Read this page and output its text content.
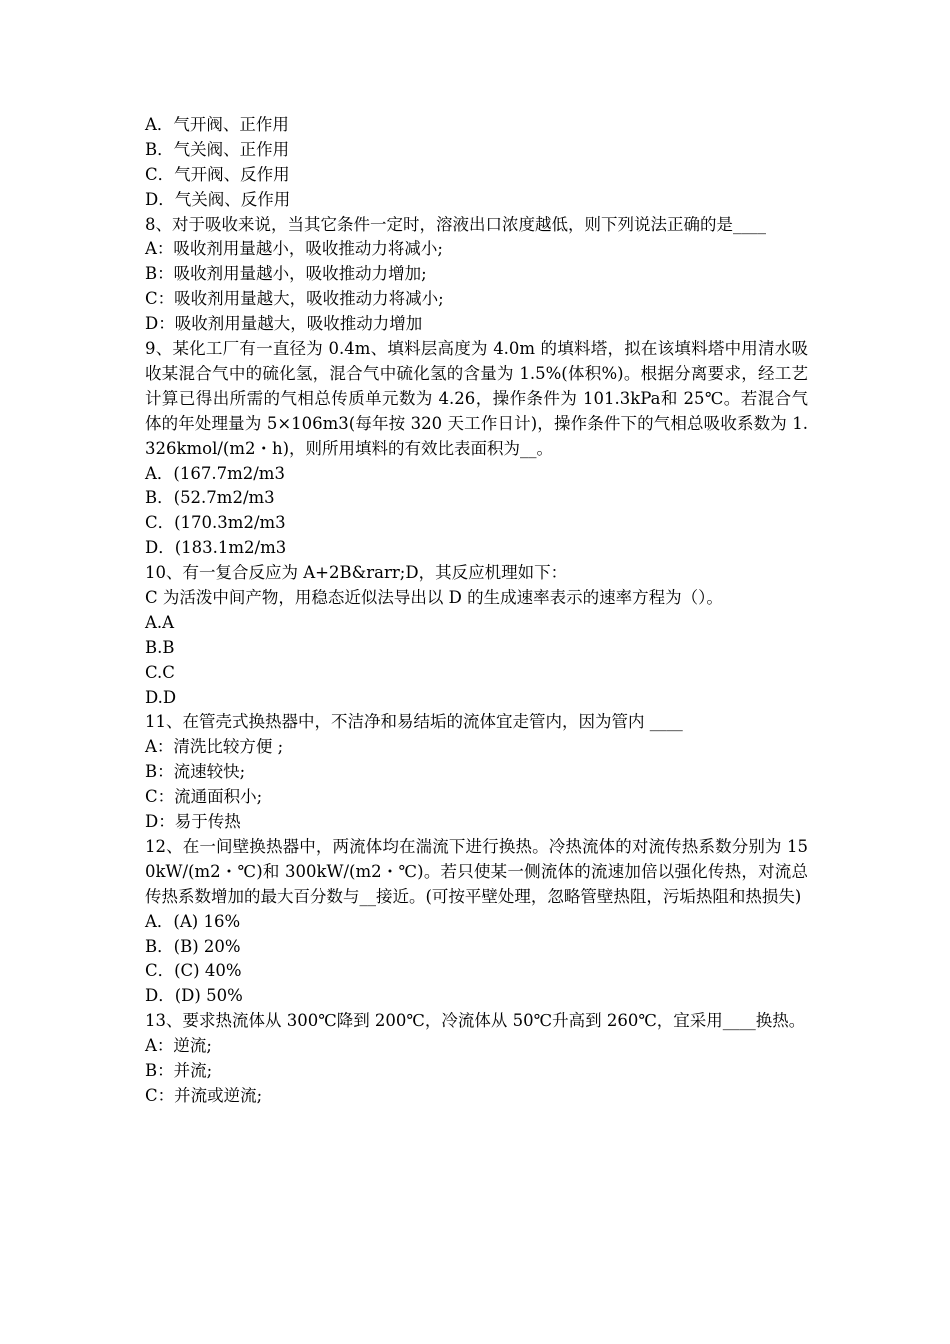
A．气开阀、正作用
B．气关阀、正作用
C．气开阀、反作用
D．气关阀、反作用
8、对于吸收来说，当其它条件一定时，溶液出口浓度越低，则下列说法正确的是____
A：吸收剂用量越小，吸收推动力将减小;
B：吸收剂用量越小，吸收推动力增加;
C：吸收剂用量越大，吸收推动力将减小;
D：吸收剂用量越大，吸收推动力增加
9、某化工厂有一直径为 0.4m、填料层高度为 4.0m 的填料塔，拟在该填料塔中用清水吸收某混合气中的硫化氢，混合气中硫化氢的含量为 1.5%(体积%)。根据分离要求，经工艺计算已得出所需的气相总传质单元数为 4.26，操作条件为 101.3kPa和 25℃。若混合气体的年处理量为 5×106m3(每年按 320 天工作日计)，操作条件下的气相总吸收系数为 1.326kmol/(m2・h)，则所用填料的有效比表面积为__。
A．(167.7m2/m3
B．(52.7m2/m3
C．(170.3m2/m3
D．(183.1m2/m3
10、有一复合反应为 A+2B&rarr;D，其反应机理如下：
C 为活泼中间产物，用稳态近似法导出以 D 的生成速率表示的速率方程为（）。
A.A
B.B
C.C
D.D
11、在管壳式换热器中，不洁净和易结垢的流体宜走管内，因为管内 ____
A：清洗比较方便 ;
B：流速较快;
C：流通面积小;
D：易于传热
12、在一间壁换热器中，两流体均在湍流下进行换热。冷热流体的对流传热系数分别为 150kW/(m2・℃)和 300kW/(m2・℃)。若只使某一侧流体的流速加倍以强化传热，对流总传热系数增加的最大百分数与__接近。(可按平壁处理，忽略管壁热阻，污垢热阻和热损失)
A．(A) 16%
B．(B) 20%
C．(C) 40%
D．(D) 50%
13、要求热流体从 300℃降到 200℃，冷流体从 50℃升高到 260℃，宜采用____换热。
A：逆流;
B：并流;
C：并流或逆流;
